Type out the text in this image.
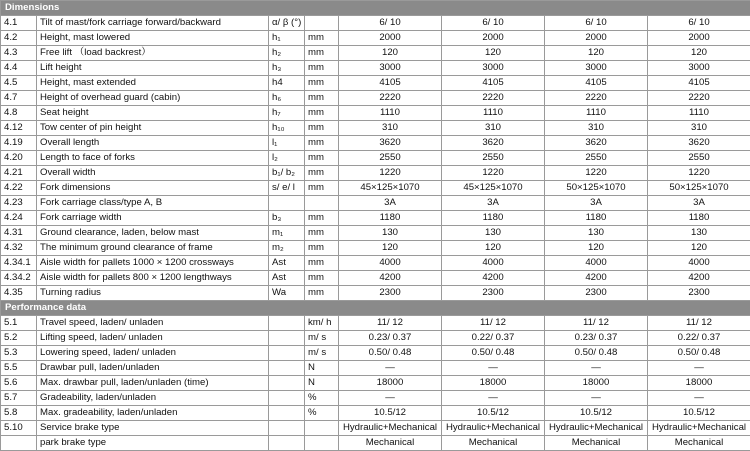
Dimensions							
4.1	Tilt of mast/fork carriage forward/backward	α/ β (°)		6/ 10	6/ 10	6/ 10	6/ 10
4.2	Height, mast lowered	h₁	mm	2000	2000	2000	2000
4.3	Free lift （load backrest）	h₂	mm	120	120	120	120
4.4	Lift height	h₃	mm	3000	3000	3000	3000
4.5	Height, mast extended	h4	mm	4105	4105	4105	4105
4.7	Height of overhead guard (cabin)	h₆	mm	2220	2220	2220	2220
4.8	Seat height	h₇	mm	1110	1110	1110	1110
4.12	Tow center of pin height	h₁₀	mm	310	310	310	310
4.19	Overall length	l₁	mm	3620	3620	3620	3620
4.20	Length to face of forks	l₂	mm	2550	2550	2550	2550
4.21	Overall width	b₁/ b₂	mm	1220	1220	1220	1220
4.22	Fork dimensions	s/ e/ l	mm	45×125×1070	45×125×1070	50×125×1070	50×125×1070
4.23	Fork carriage class/type A, B			3A	3A	3A	3A
4.24	Fork carriage width	b₃	mm	1180	1180	1180	1180
4.31	Ground clearance, laden, below mast	m₁	mm	130	130	130	130
4.32	The minimum ground clearance of frame	m₂	mm	120	120	120	120
4.34.1	Aisle width for pallets 1000 × 1200 crossways	Ast	mm	4000	4000	4000	4000
4.34.2	Aisle width for pallets 800 × 1200 lengthways	Ast	mm	4200	4200	4200	4200
4.35	Turning radius	Wa	mm	2300	2300	2300	2300
Performance data							
5.1	Travel speed, laden/ unladen		km/ h	11/ 12	11/ 12	11/ 12	11/ 12
5.2	Lifting speed, laden/ unladen		m/ s	0.23/ 0.37	0.22/ 0.37	0.23/ 0.37	0.22/ 0.37
5.3	Lowering speed, laden/ unladen		m/ s	0.50/ 0.48	0.50/ 0.48	0.50/ 0.48	0.50/ 0.48
5.5	Drawbar pull, laden/unladen		N	—	—	—	—
5.6	Max. drawbar pull, laden/unladen (time)		N	18000	18000	18000	18000
5.7	Gradeability, laden/unladen		%	—	—	—	—
5.8	Max. gradeability, laden/unladen		%	10.5/12	10.5/12	10.5/12	10.5/12
5.10	Service brake type			Hydraulic+Mechanical	Hydraulic+Mechanical	Hydraulic+Mechanical	Hydraulic+Mechanical
	park brake type			Mechanical	Mechanical	Mechanical	Mechanical
